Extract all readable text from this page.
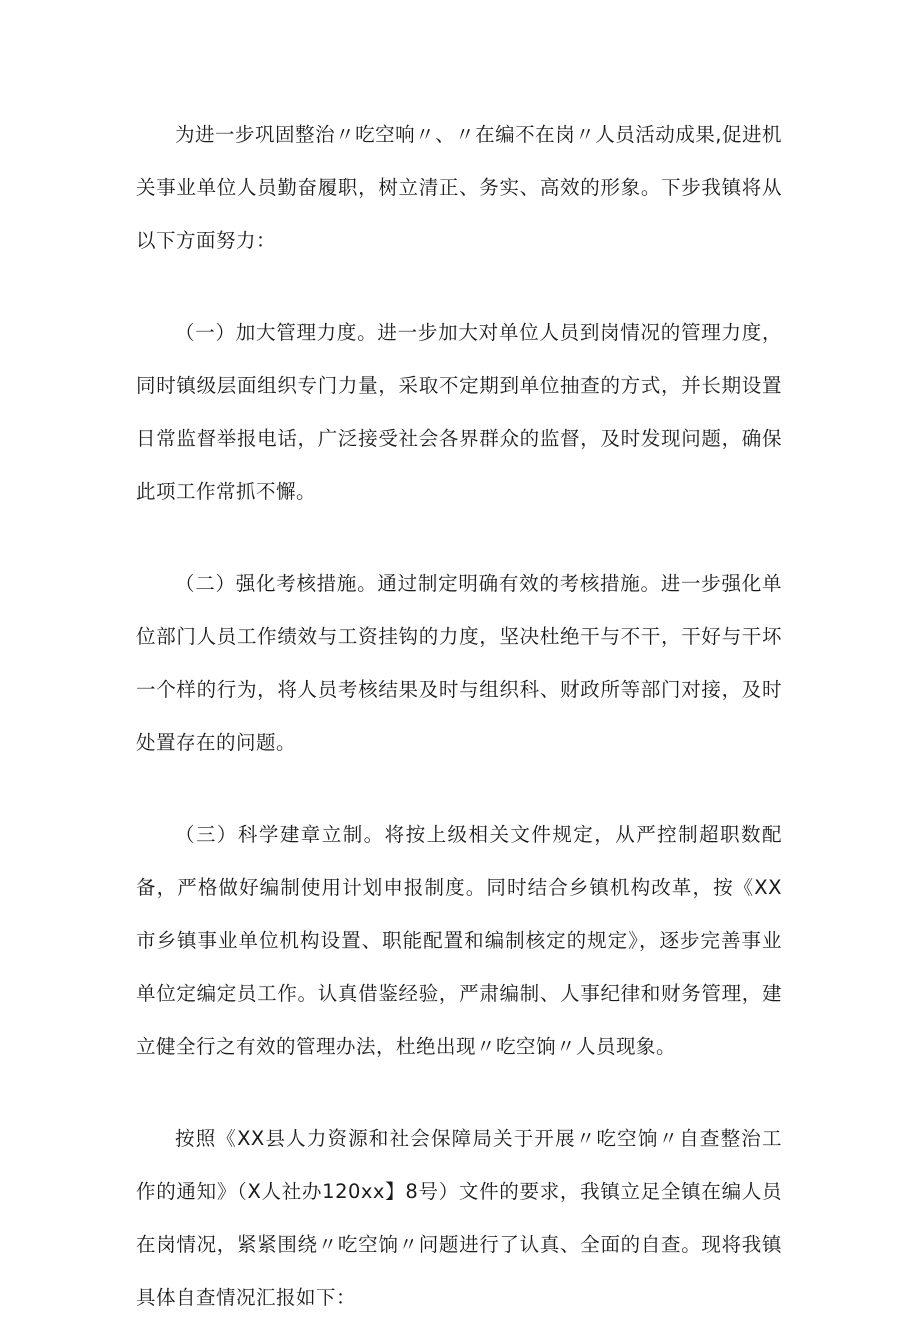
为进一步巩固整治〃吃空响〃、〃在编不在岗〃人员活动成果,促进机关事业单位人员勤奋履职，树立清正、务实、高效的形象。下步我镇将从以下方面努力：

（一）加大管理力度。进一步加大对单位人员到岗情况的管理力度，同时镇级层面组织专门力量，采取不定期到单位抽查的方式，并长期设置日常监督举报电话，广泛接受社会各界群众的监督，及时发现问题，确保此项工作常抓不懈。

（二）强化考核措施。通过制定明确有效的考核措施。进一步强化单位部门人员工作绩效与工资挂钩的力度，坚决杜绝干与不干，干好与干坏一个样的行为，将人员考核结果及时与组织科、财政所等部门对接，及时处置存在的问题。

（三）科学建章立制。将按上级相关文件规定，从严控制超职数配备，严格做好编制使用计划申报制度。同时结合乡镇机构改革，按《XX市乡镇事业单位机构设置、职能配置和编制核定的规定》，逐步完善事业单位定编定员工作。认真借鉴经验，严肃编制、人事纪律和财务管理，建立健全行之有效的管理办法，杜绝出现〃吃空饷〃人员现象。

按照《XX县人力资源和社会保障局关于开展〃吃空饷〃自查整治工作的通知》（X人社办120xx】8号）文件的要求，我镇立足全镇在编人员在岗情况，紧紧围绕〃吃空饷〃问题进行了认真、全面的自查。现将我镇具体自查情况汇报如下：
